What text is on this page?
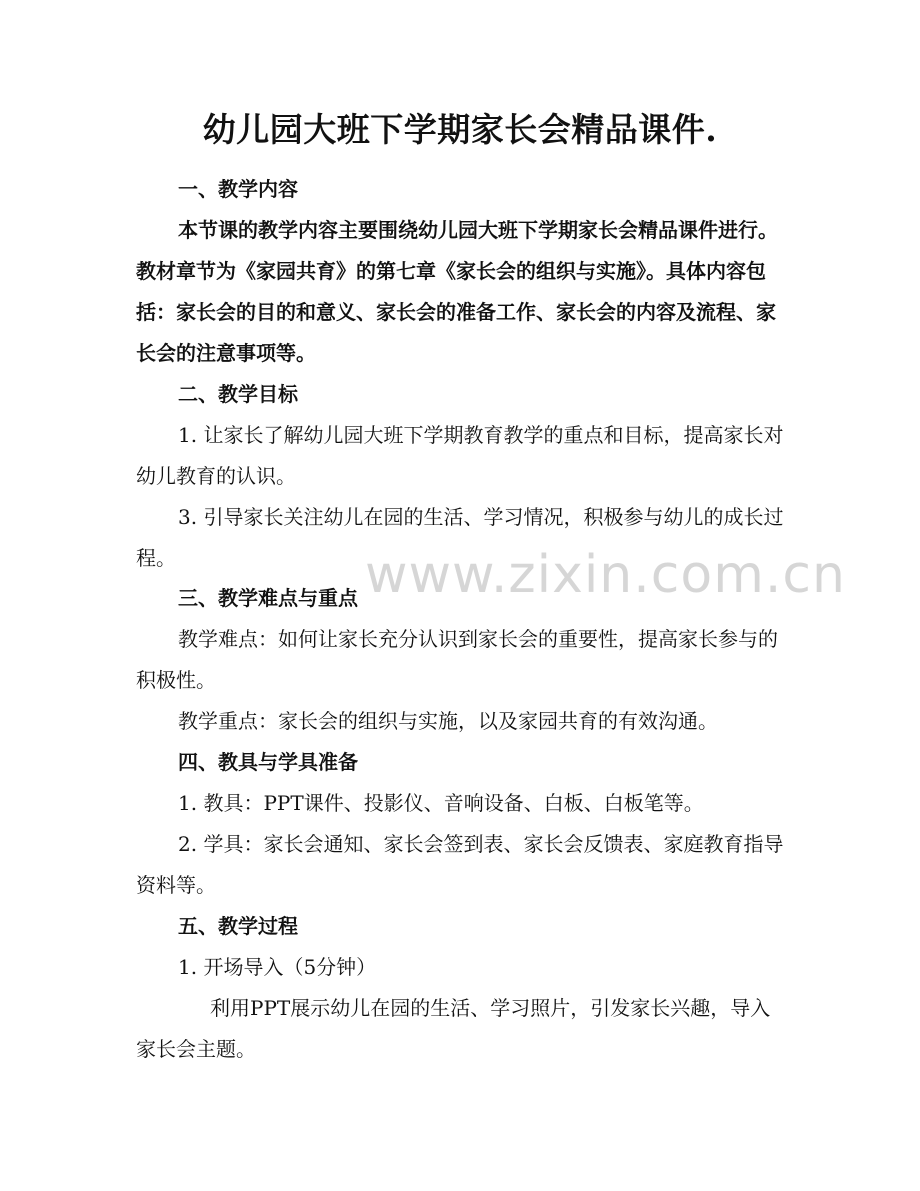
幼儿园大班下学期家长会精品课件.
一、教学内容
本节课的教学内容主要围绕幼儿园大班下学期家长会精品课件进行。教材章节为《家园共育》的第七章《家长会的组织与实施》。具体内容包括：家长会的目的和意义、家长会的准备工作、家长会的内容及流程、家长会的注意事项等。
二、教学目标
1. 让家长了解幼儿园大班下学期教育教学的重点和目标，提高家长对幼儿教育的认识。
3. 引导家长关注幼儿在园的生活、学习情况，积极参与幼儿的成长过程。
三、教学难点与重点
教学难点：如何让家长充分认识到家长会的重要性，提高家长参与的积极性。
教学重点：家长会的组织与实施，以及家园共育的有效沟通。
四、教具与学具准备
1. 教具：PPT课件、投影仪、音响设备、白板、白板笔等。
2. 学具：家长会通知、家长会签到表、家长会反馈表、家庭教育指导资料等。
五、教学过程
1. 开场导入（5分钟）
利用PPT展示幼儿在园的生活、学习照片，引发家长兴趣，导入家长会主题。
www.zixin.com.cn
